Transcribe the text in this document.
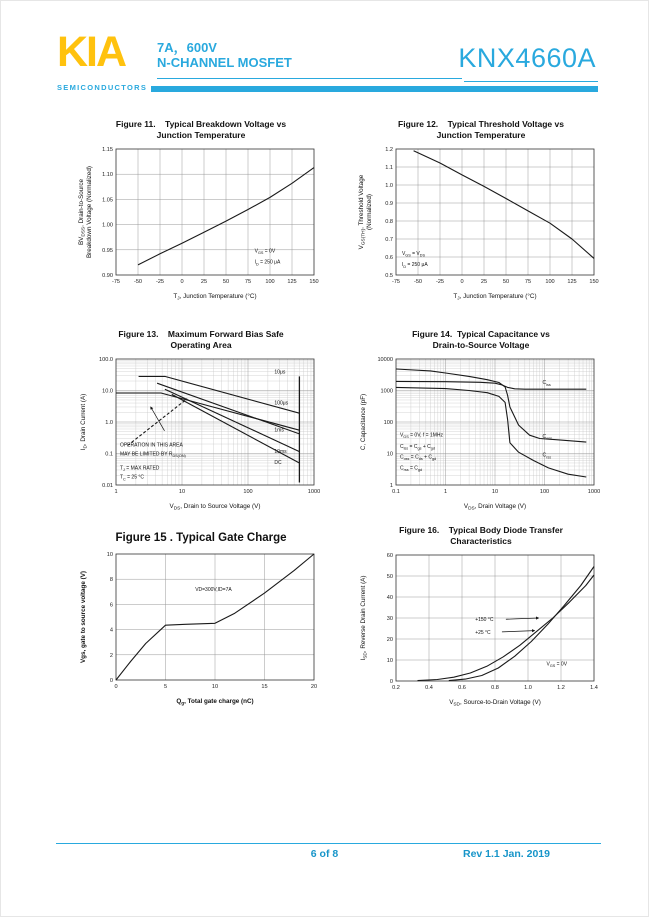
KIA
SEMICONDUCTORS
7A，600V
N-CHANNEL MOSFET	KNX4660A
Figure 11.    Typical Breakdown Voltage vs
Junction Temperature
-75 -50 -25	0	25	50	75	100 125 150
0.90
0.95
1.00
1.05
1.10
1.15
$V_{GS} = 0V$
$I_D = 250$ μA
$T_J$, Junction Temperature (°C)
$BV_{DSS}$, Drain-to-Source Breakdown Voltage (Normalized)
Figure 12.    Typical Threshold Voltage vs
Junction Temperature
-75 -50 -25	0	25	50	75	100 125 150
0.5
0.6
0.7
0.8
0.9
1.0
1.1
1.2
$V_{GS} = V_{DS}$
$I_D = 250$ μA
$T_J$, Junction Temperature (°C)
$V_{GS(TH)}$, Threshold Voltage (Normalized)
Figure 13.    Maximum Forward Bias Safe
Operating Area
1	10	100	1000
0.01
0.1
1.0
10.0
100.0
OPERATION IN THIS AREA
MAY BE LIMITED BY $R_{DS(ON)}$
$T_J$ = MAX RATED
$T_C = 25$ °C
10μs
100μs
1ms
10ms
DC
$V_{DS}$, Drain to Source Voltage (V)
$I_D$, Drain Current (A)
Figure 14.  Typical Capacitance vs
Drain-to-Source Voltage
0.1	1	10	100	1000
1
10
100
1000
10000
$V_{GS} = 0V$, f = 1MHz
$C_{iss} = C_{gs} + C_{gd}$
$C_{oss} = C_{ds} + C_{gd}$
$C_{rss} = C_{gd}$
$C_{iss}$
$C_{oss}$
$C_{rss}$
$V_{DS}$, Drain Voltage (V)
C, Capacitance (pF)
Figure 15 . Typical Gate Charge
0	5	10	15	20
0
2
4
6
8
10
VD=300V,ID=7A
$Q_g$, Total gate charge (nC)
Vgs, gate to source voltage (V)
Figure 16.    Typical Body Diode Transfer
Characteristics
0.2	0.4	0.6	0.8	1.0	1.2	1.4
0
10
20
30
40
50
60
+150 °C
+25 °C
$V_{GS} = 0V$
$V_{SD}$, Source-to-Drain Voltage (V)
$I_{SD}$, Reverse Drain Current (A)
6 of 8	Rev 1.1 Jan. 2019
